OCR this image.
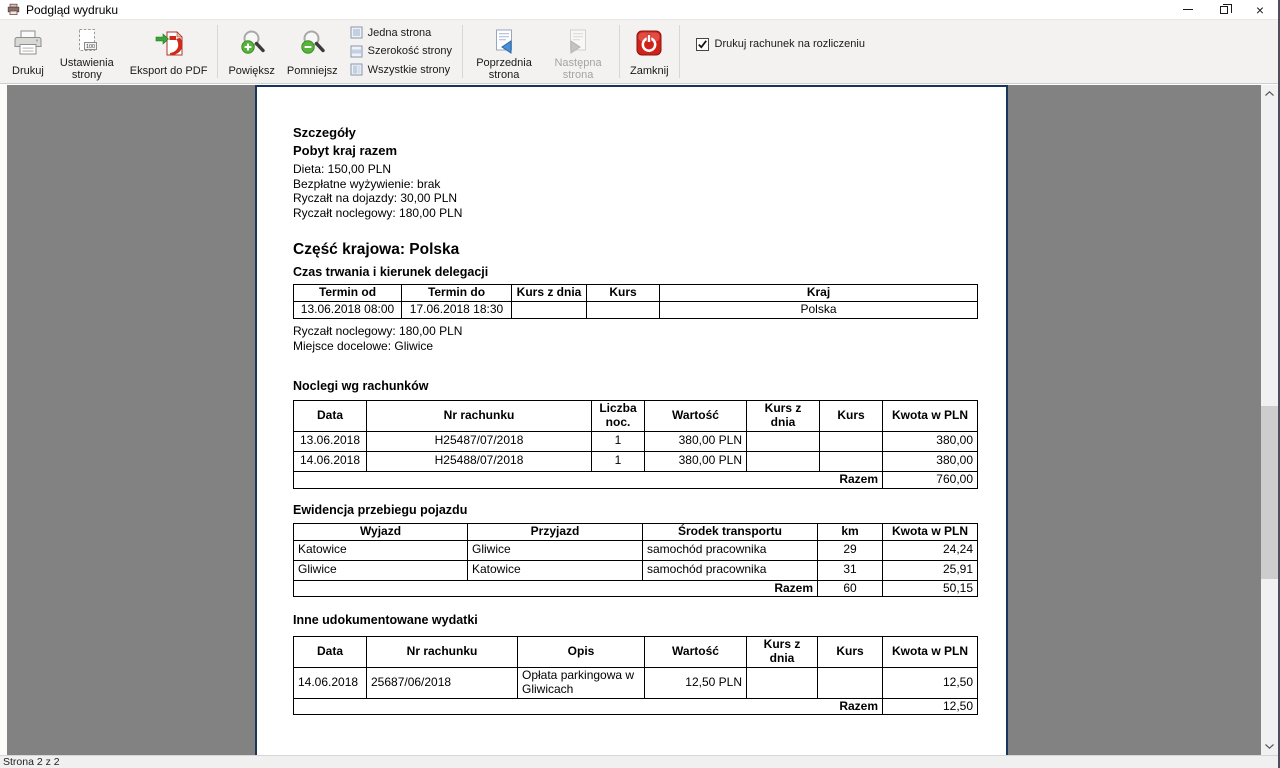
Podgląd wydruku	×
Drukuj
100
Ustawienia strony	Eksport do PDF Powiększ Pomniejsz
Jedna strona
Szerokość strony
Wszystkie strony
Poprzednia strona
Następna strona	Zamknij
Drukuj rachunek na rozliczeniu
Szczegóły
Pobyt kraj razem
Dieta: 150,00 PLN
Bezpłatne wyżywienie: brak
Ryczałt na dojazdy: 30,00 PLN
Ryczałt noclegowy: 180,00 PLN
Część krajowa: Polska
Czas trwania i kierunek delegacji
Termin od	Termin do	Kurs z dnia	Kurs	Kraj
13.06.2018 08:00	17.06.2018 18:30			Polska
Ryczałt noclegowy: 180,00 PLN
Miejsce docelowe: Gliwice
Noclegi wg rachunków
Data	Nr rachunku	Liczba noc.	Wartość	Kurs z dnia	Kurs	Kwota w PLN
13.06.2018	H25487/07/2018	1	380,00 PLN			380,00
14.06.2018	H25488/07/2018	1	380,00 PLN			380,00
Razem						760,00
Ewidencja przebiegu pojazdu
Wyjazd	Przyjazd	Środek transportu	km	Kwota w PLN
Katowice	Gliwice	samochód pracownika	29	24,24
Gliwice	Katowice	samochód pracownika	31	25,91
Razem			60	50,15
Inne udokumentowane wydatki
Data	Nr rachunku	Opis	Wartość	Kurs z dnia	Kurs	Kwota w PLN
14.06.2018	25687/06/2018	Opłata parkingowa w Gliwicach	12,50 PLN			12,50
Razem						12,50
Strona 2 z 2
